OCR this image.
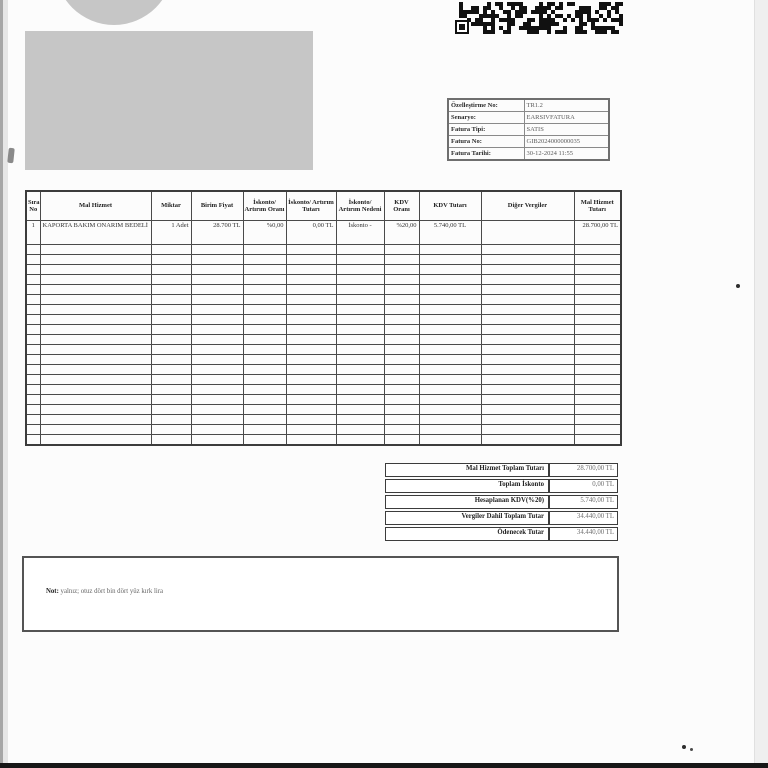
Özelleştirme No:	TR1.2
Senaryo:	EARSIVFATURA
Fatura Tipi:	SATIS
Fatura No:	GIB2024000000035
Fatura Tarihi:	30-12-2024 11:55
Sıra No	Mal Hizmet	Miktar	Birim Fiyat	İskonto/ Artırım Oranı	İskonto/ Artırım Tutarı	İskonto/ Artırım Nedeni	KDV Oranı	KDV Tutarı	Diğer Vergiler	Mal Hizmet Tutarı
1	KAPORTA BAKIM ONARIM BEDELİ	1 Adet	28.700 TL	%0,00	0,00 TL	İskonto -	%20,00	5.740,00 TL		28.700,00 TL

Mal Hizmet Toplam Tutarı	28.700,00 TL
Toplam İskonto	0,00 TL
Hesaplanan KDV(%20)	5.740,00 TL
Vergiler Dahil Toplam Tutar	34.440,00 TL
Ödenecek Tutar	34.440,00 TL

Not: yalnız; otuz dört bin dört yüz kırk lira
